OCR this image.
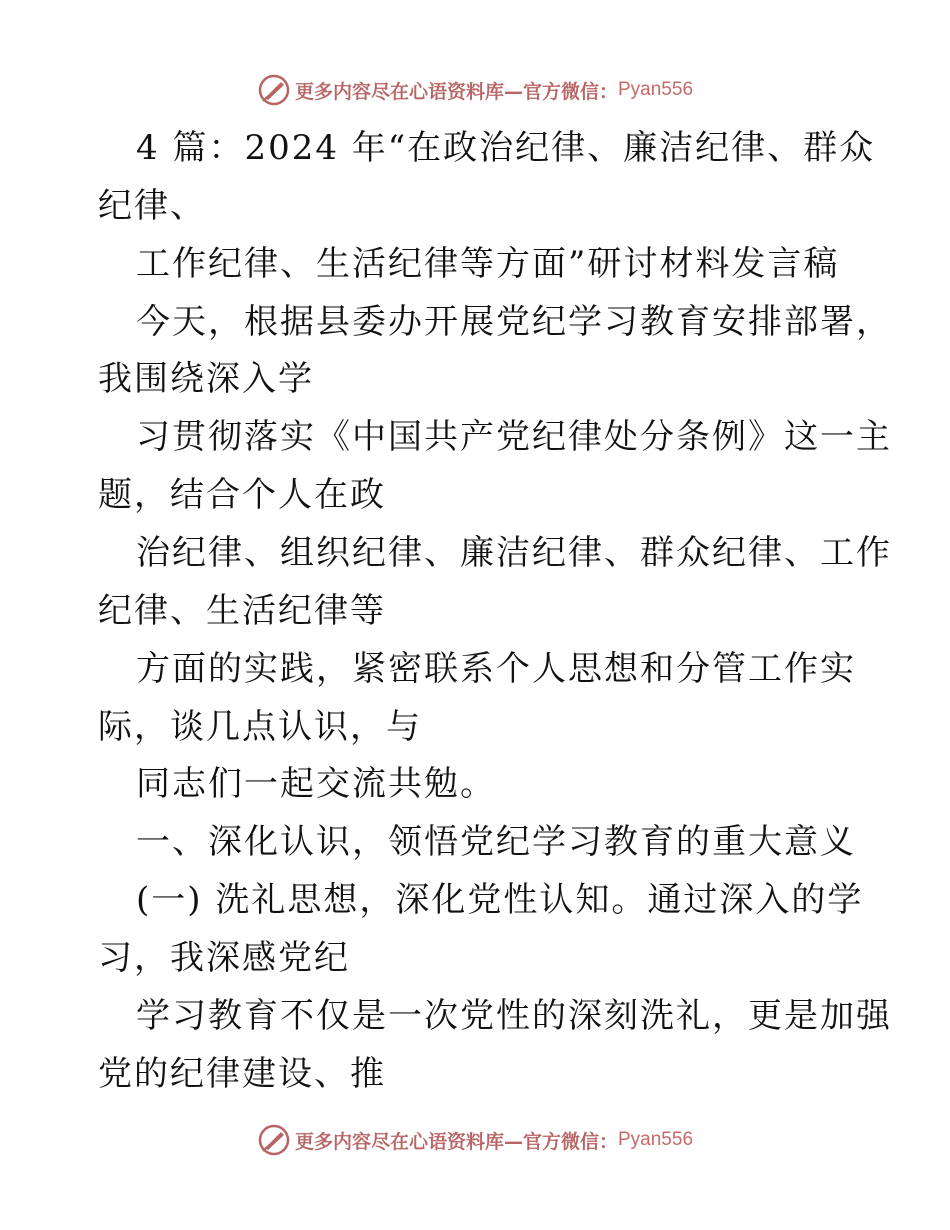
更多内容尽在心语资料库—官方微信： Pyan556
4 篇：2024 年“在政治纪律、廉洁纪律、群众
纪律、
工作纪律、生活纪律等方面”研讨材料发言稿
今天，根据县委办开展党纪学习教育安排部署，
我围绕深入学
习贯彻落实《中国共产党纪律处分条例》这一主
题，结合个人在政
治纪律、组织纪律、廉洁纪律、群众纪律、工作
纪律、生活纪律等
方面的实践，紧密联系个人思想和分管工作实
际，谈几点认识，与
同志们一起交流共勉。
一、深化认识，领悟党纪学习教育的重大意义
(一) 洗礼思想，深化党性认知。通过深入的学
习，我深感党纪
学习教育不仅是一次党性的深刻洗礼，更是加强
党的纪律建设、推
更多内容尽在心语资料库—官方微信： Pyan556
